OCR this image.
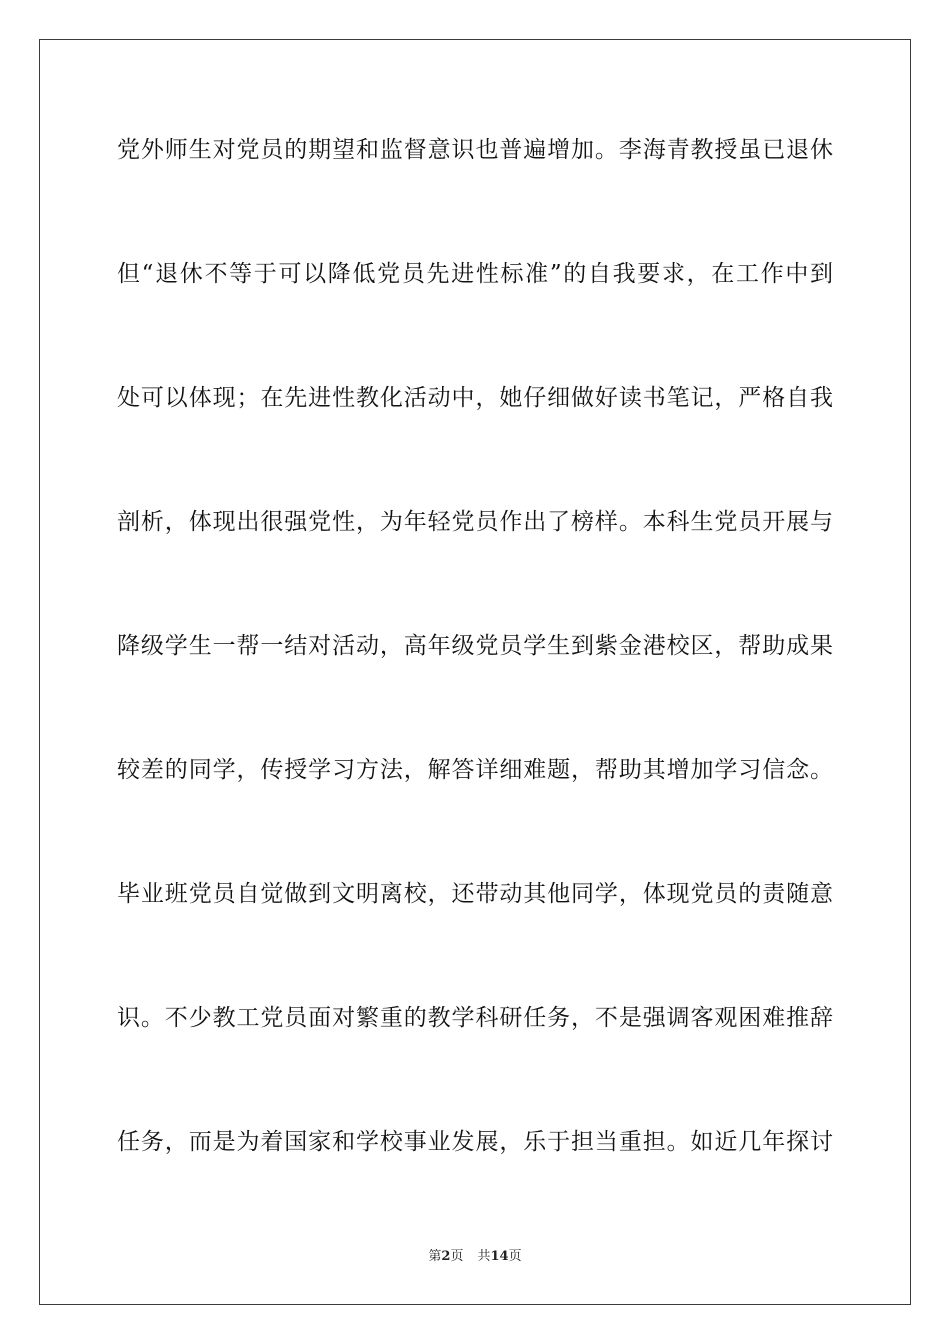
党外师生对党员的期望和监督意识也普遍增加。李海青教授虽已退休
但“退休不等于可以降低党员先进性标准”的自我要求，在工作中到
处可以体现；在先进性教化活动中，她仔细做好读书笔记，严格自我
剖析，体现出很强党性，为年轻党员作出了榜样。本科生党员开展与
降级学生一帮一结对活动，高年级党员学生到紫金港校区，帮助成果
较差的同学，传授学习方法，解答详细难题，帮助其增加学习信念。
毕业班党员自觉做到文明离校，还带动其他同学，体现党员的责随意
识。不少教工党员面对繁重的教学科研任务，不是强调客观困难推辞
任务，而是为着国家和学校事业发展，乐于担当重担。如近几年探讨
第2页 共14页
